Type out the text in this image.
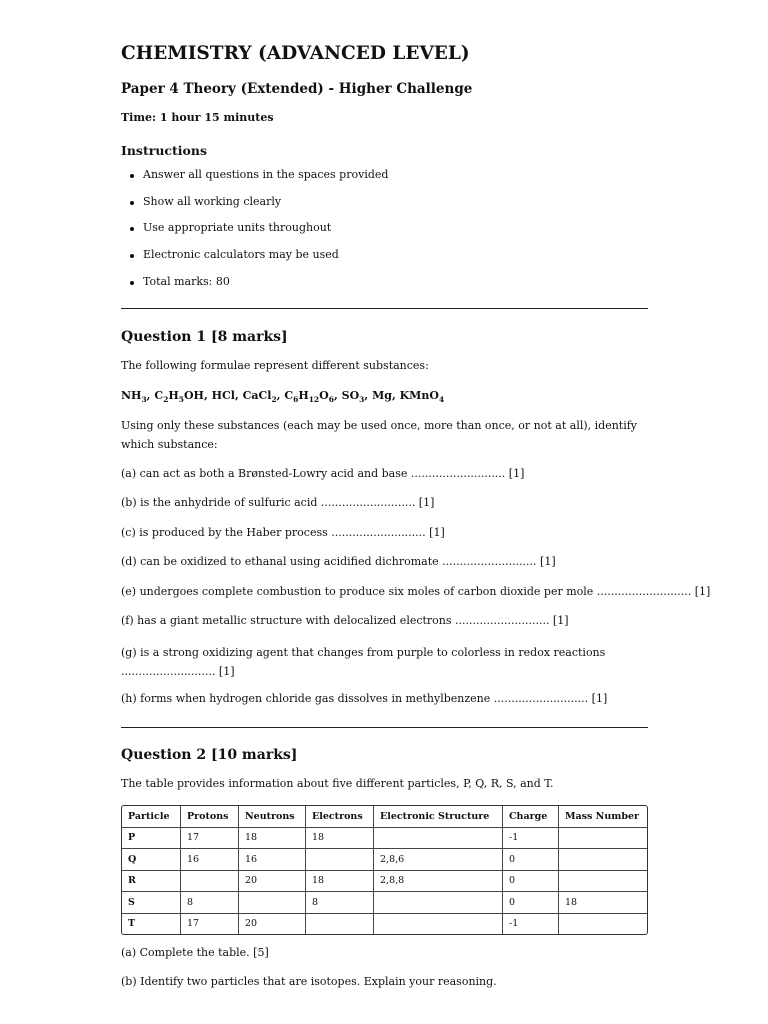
CHEMISTRY (ADVANCED LEVEL)
Paper 4 Theory (Extended) - Higher Challenge
Time: 1 hour 15 minutes
Instructions
Answer all questions in the spaces provided
Show all working clearly
Use appropriate units throughout
Electronic calculators may be used
Total marks: 80
Question 1 [8 marks]
The following formulae represent different substances:
$NH_3$, $C_2H_5OH$, HCl, CaCl$_2$, $C_6H_{12}O_6$, $SO_3$, Mg, KMnO$_4$
Using only these substances (each may be used once, more than once, or not at all), identify which substance:
(a) can act as both a Brønsted-Lowry acid and base ........................... [1]
(b) is the anhydride of sulfuric acid ........................... [1]
(c) is produced by the Haber process ........................... [1]
(d) can be oxidized to ethanal using acidified dichromate ........................... [1]
(e) undergoes complete combustion to produce six moles of carbon dioxide per mole ........................... [1]
(f) has a giant metallic structure with delocalized electrons ........................... [1]
(g) is a strong oxidizing agent that changes from purple to colorless in redox reactions ........................... [1]
(h) forms when hydrogen chloride gas dissolves in methylbenzene ........................... [1]
Question 2 [10 marks]
The table provides information about five different particles, P, Q, R, S, and T.
Particle	Protons	Neutrons	Electrons	Electronic Structure	Charge	Mass Number
P	17	18	18		-1	
Q	16	16		2,8,6	0	
R		20	18	2,8,8	0	
S	8		8		0	18
T	17	20			-1	
(a) Complete the table. [5]
(b) Identify two particles that are isotopes. Explain your reasoning.
